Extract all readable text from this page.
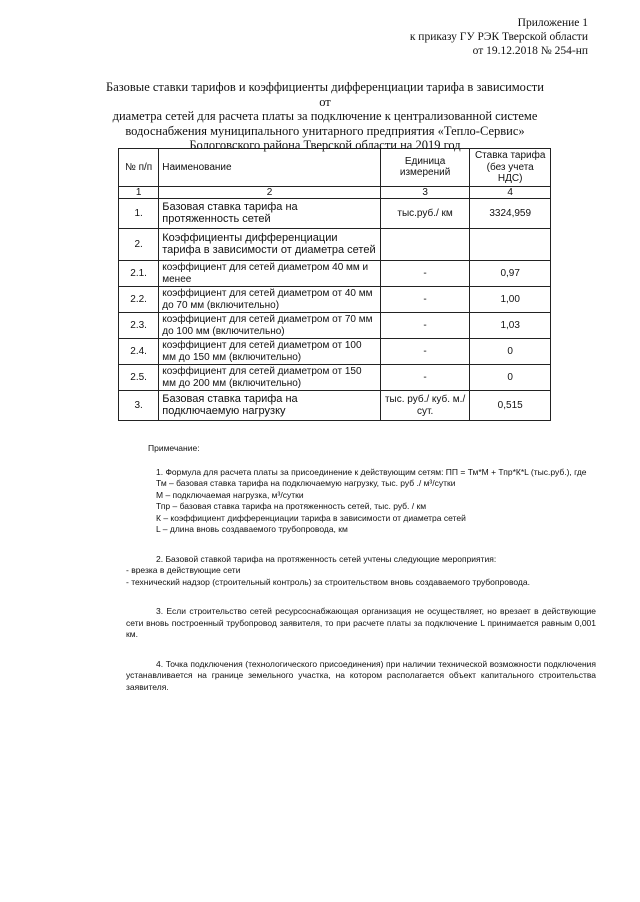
Приложение 1
к приказу ГУ РЭК Тверской области
от 19.12.2018 № 254-нп
Базовые ставки тарифов и коэффициенты дифференциации тарифа в зависимости от
диаметра сетей для расчета платы за подключение к централизованной системе
водоснабжения муниципального унитарного предприятия «Тепло-Сервис»
Бологовского района Тверской области на 2019 год
№ п/п	Наименование	Единица измерений	Ставка тарифа (без учета НДС)
1	2	3	4
1.	Базовая ставка тарифа на протяженность сетей	тыс.руб./ км	3324,959
2.	Коэффициенты дифференциации тарифа в зависимости от диаметра сетей		
2.1.	коэффициент для сетей диаметром 40 мм и менее	-	0,97
2.2.	коэффициент для сетей диаметром от 40 мм до 70 мм (включительно)	-	1,00
2.3.	коэффициент для сетей диаметром от 70 мм до 100 мм (включительно)	-	1,03
2.4.	коэффициент для сетей диаметром от 100 мм до 150 мм (включительно)	-	0
2.5.	коэффициент для сетей диаметром от 150 мм до 200 мм (включительно)	-	0
3.	Базовая ставка тарифа на подключаемую нагрузку	тыс. руб./ куб. м./сут.	0,515
Примечание:
1. Формула для расчета платы за присоединение к действующим сетям: ПП = Тм*М + Тпр*К*L (тыс.руб.), где
Тм – базовая ставка тарифа на подключаемую нагрузку, тыс. руб ./ м³/сутки
М – подключаемая нагрузка, м³/сутки
Тпр – базовая ставка тарифа на протяженность сетей, тыс. руб. / км
К – коэффициент дифференциации тарифа в зависимости от диаметра сетей
L – длина вновь создаваемого трубопровода, км
2. Базовой ставкой тарифа на протяженность сетей учтены следующие мероприятия:
- врезка в действующие сети
- технический надзор (строительный контроль) за строительством вновь создаваемого трубопровода.
3. Если строительство сетей ресурсоснабжающая организация не осуществляет, но врезает в действующие сети вновь построенный трубопровод заявителя, то при расчете платы за подключение L принимается равным 0,001 км.
4. Точка подключения (технологического присоединения) при наличии технической возможности подключения устанавливается на границе земельного участка, на котором располагается объект капитального строительства заявителя.
